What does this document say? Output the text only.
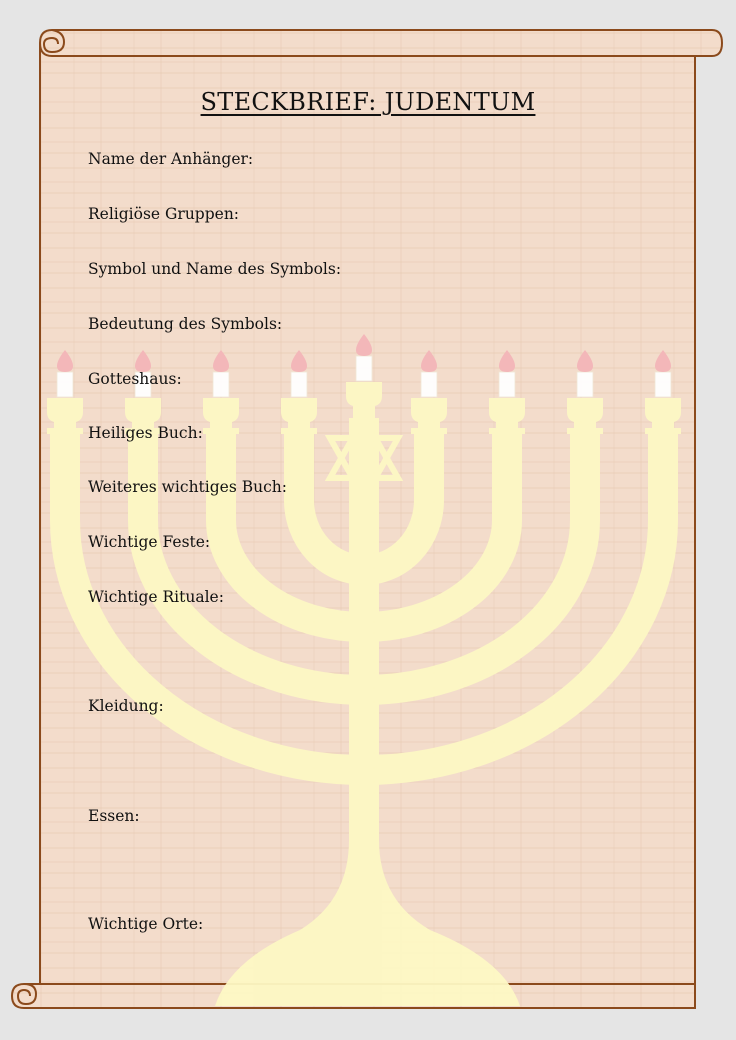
STECKBRIEF: JUDENTUM
Name der Anhänger:
Religiöse Gruppen:
Symbol und Name des Symbols:
Bedeutung des Symbols:
Gotteshaus:
Heiliges Buch:
Weiteres wichtiges Buch:
Wichtige Feste:
Wichtige Rituale:
Kleidung:
Essen:
Wichtige Orte:
